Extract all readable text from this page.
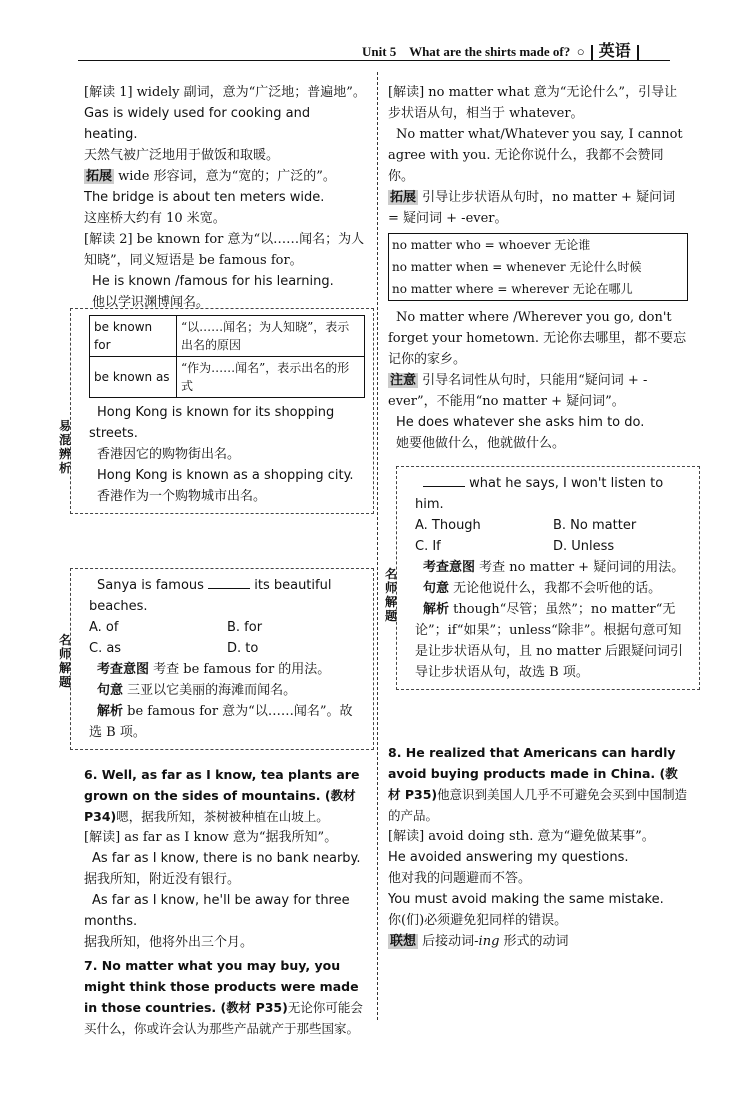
Unit 5 What are the shirts made of? ○ 英语

[解读 1] widely 副词，意为“广泛地；普遍地”。

Gas is widely used for cooking and heating.

天然气被广泛地用于做饭和取暖。

拓展 wide 形容词，意为“宽的；广泛的”。

The bridge is about ten meters wide.

这座桥大约有 10 米宽。

[解读 2] be known for 意为“以……闻名；为人知晓”，同义短语是 be famous for。

He is known /famous for his learning.

他以学识渊博闻名。

易混辨析
be known for	“以……闻名；为人知晓”，表示出名的原因
be known as	“作为……闻名”，表示出名的形式

Hong Kong is known for its shopping streets.

香港因它的购物街出名。

Hong Kong is known as a shopping city.

香港作为一个购物城市出名。

名师解题

Sanya is famous	its beautiful beaches.

A. of	B. for
C. as	D. to

考查意图 考查 be famous for 的用法。

句意 三亚以它美丽的海滩而闻名。

解析 be famous for 意为“以……闻名”。故选 B 项。

6. Well, as far as I know, tea plants are grown on the sides of mountains. (教材 P34)嗯，据我所知，茶树被种植在山坡上。

[解读] as far as I know 意为“据我所知”。

As far as I know, there is no bank nearby.

据我所知，附近没有银行。

As far as I know, he'll be away for three months.

据我所知，他将外出三个月。

7. No matter what you may buy, you might think those products were made in those countries. (教材 P35)无论你可能会买什么，你或许会认为那些产品就产于那些国家。

[解读] no matter what 意为“无论什么”，引导让步状语从句，相当于 whatever。

No matter what/Whatever you say, I cannot agree with you. 无论你说什么，我都不会赞同你。

拓展 引导让步状语从句时，no matter + 疑问词 = 疑问词 + -ever。

no matter who = whoever 无论谁
no matter when = whenever 无论什么时候
no matter where = wherever 无论在哪儿

No matter where /Wherever you go, don't forget your hometown. 无论你去哪里，都不要忘记你的家乡。

注意 引导名词性从句时，只能用“疑问词 + -ever”，不能用“no matter + 疑问词”。

He does whatever she asks him to do.

她要他做什么，他就做什么。

名师解题

what he says, I won't listen to him.

A. Though	B. No matter
C. If	D. Unless

考查意图 考查 no matter + 疑问词的用法。

句意 无论他说什么，我都不会听他的话。

解析 though“尽管；虽然”；no matter“无论”；if“如果”；unless“除非”。根据句意可知是让步状语从句，且 no matter 后跟疑问词引导让步状语从句，故选 B 项。

8. He realized that Americans can hardly avoid buying products made in China. (教材 P35)他意识到美国人几乎不可避免会买到中国制造的产品。

[解读] avoid doing sth. 意为“避免做某事”。

He avoided answering my questions.

他对我的问题避而不答。

You must avoid making the same mistake.

你(们)必须避免犯同样的错误。

联想 后接动词-ing 形式的动词
